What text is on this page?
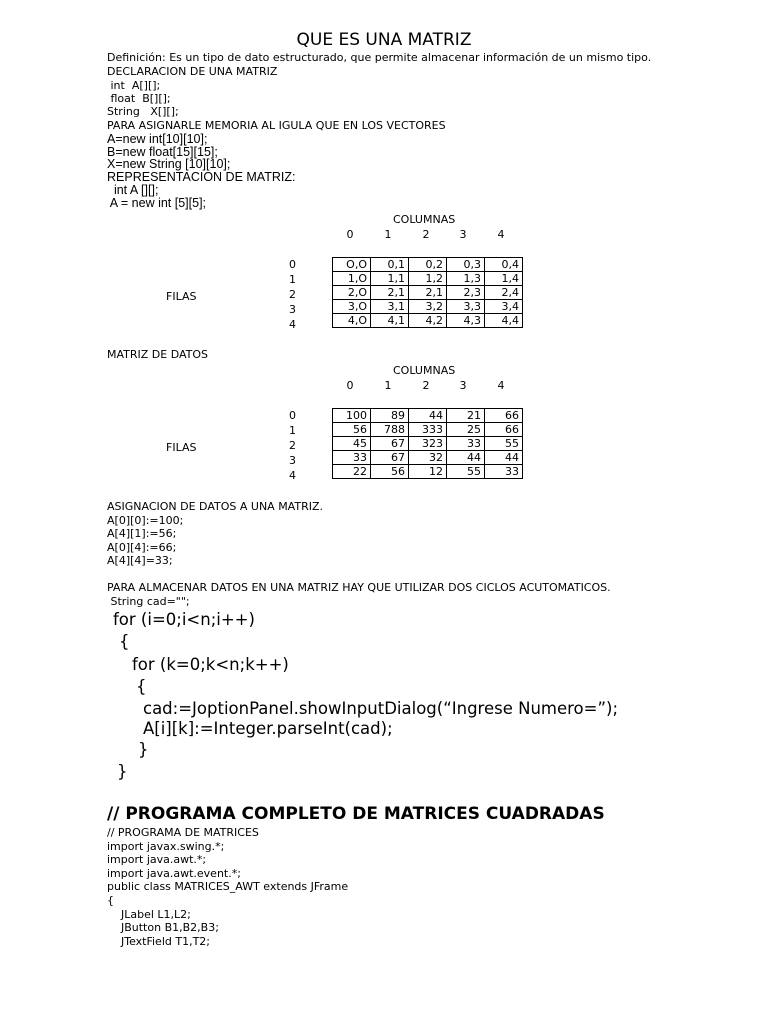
QUE ES UNA MATRIZ
Definición: Es un tipo de dato estructurado, que permite almacenar información de un mismo tipo.
DECLARACION DE UNA MATRIZ
int  A[][];
float  B[][];
String   X[][];
PARA ASIGNARLE MEMORIA AL IGULA QUE EN LOS VECTORES
A=new int[10][10];
B=new float[15][15];
X=new String [10][10];
REPRESENTACION DE MATRIZ:
int A [][];
A = new int [5][5];
COLUMNAS
0	1	2	3	4
0
1
2
3
4
FILAS
O,O	0,1	0,2	0,3	0,4
1,O	1,1	1,2	1,3	1,4
2,O	2,1	2,1	2,3	2,4
3,O	3,1	3,2	3,3	3,4
4,O	4,1	4,2	4,3	4,4
MATRIZ DE DATOS
COLUMNAS
0	1	2	3	4
0
1
2
3
4
FILAS
100	89	44	21	66
56	788	333	25	66
45	67	323	33	55
33	67	32	44	44
22	56	12	55	33
ASIGNACION DE DATOS A UNA MATRIZ.
A[0][0]:=100;
A[4][1]:=56;
A[0][4]:=66;
A[4][4]=33;
PARA ALMACENAR DATOS EN UNA MATRIZ HAY QUE UTILIZAR DOS CICLOS ACUTOMATICOS.
String cad="";
for (i=0;i<n;i++)
{
for (k=0;k<n;k++)
{
cad:=JoptionPanel.showInputDialog(“Ingrese Numero=”);
A[i][k]:=Integer.parseInt(cad);
}
}
// PROGRAMA COMPLETO DE MATRICES CUADRADAS
// PROGRAMA DE MATRICES
import javax.swing.*;
import java.awt.*;
import java.awt.event.*;
public class MATRICES_AWT extends JFrame
{
JLabel L1,L2;
JButton B1,B2,B3;
JTextField T1,T2;
